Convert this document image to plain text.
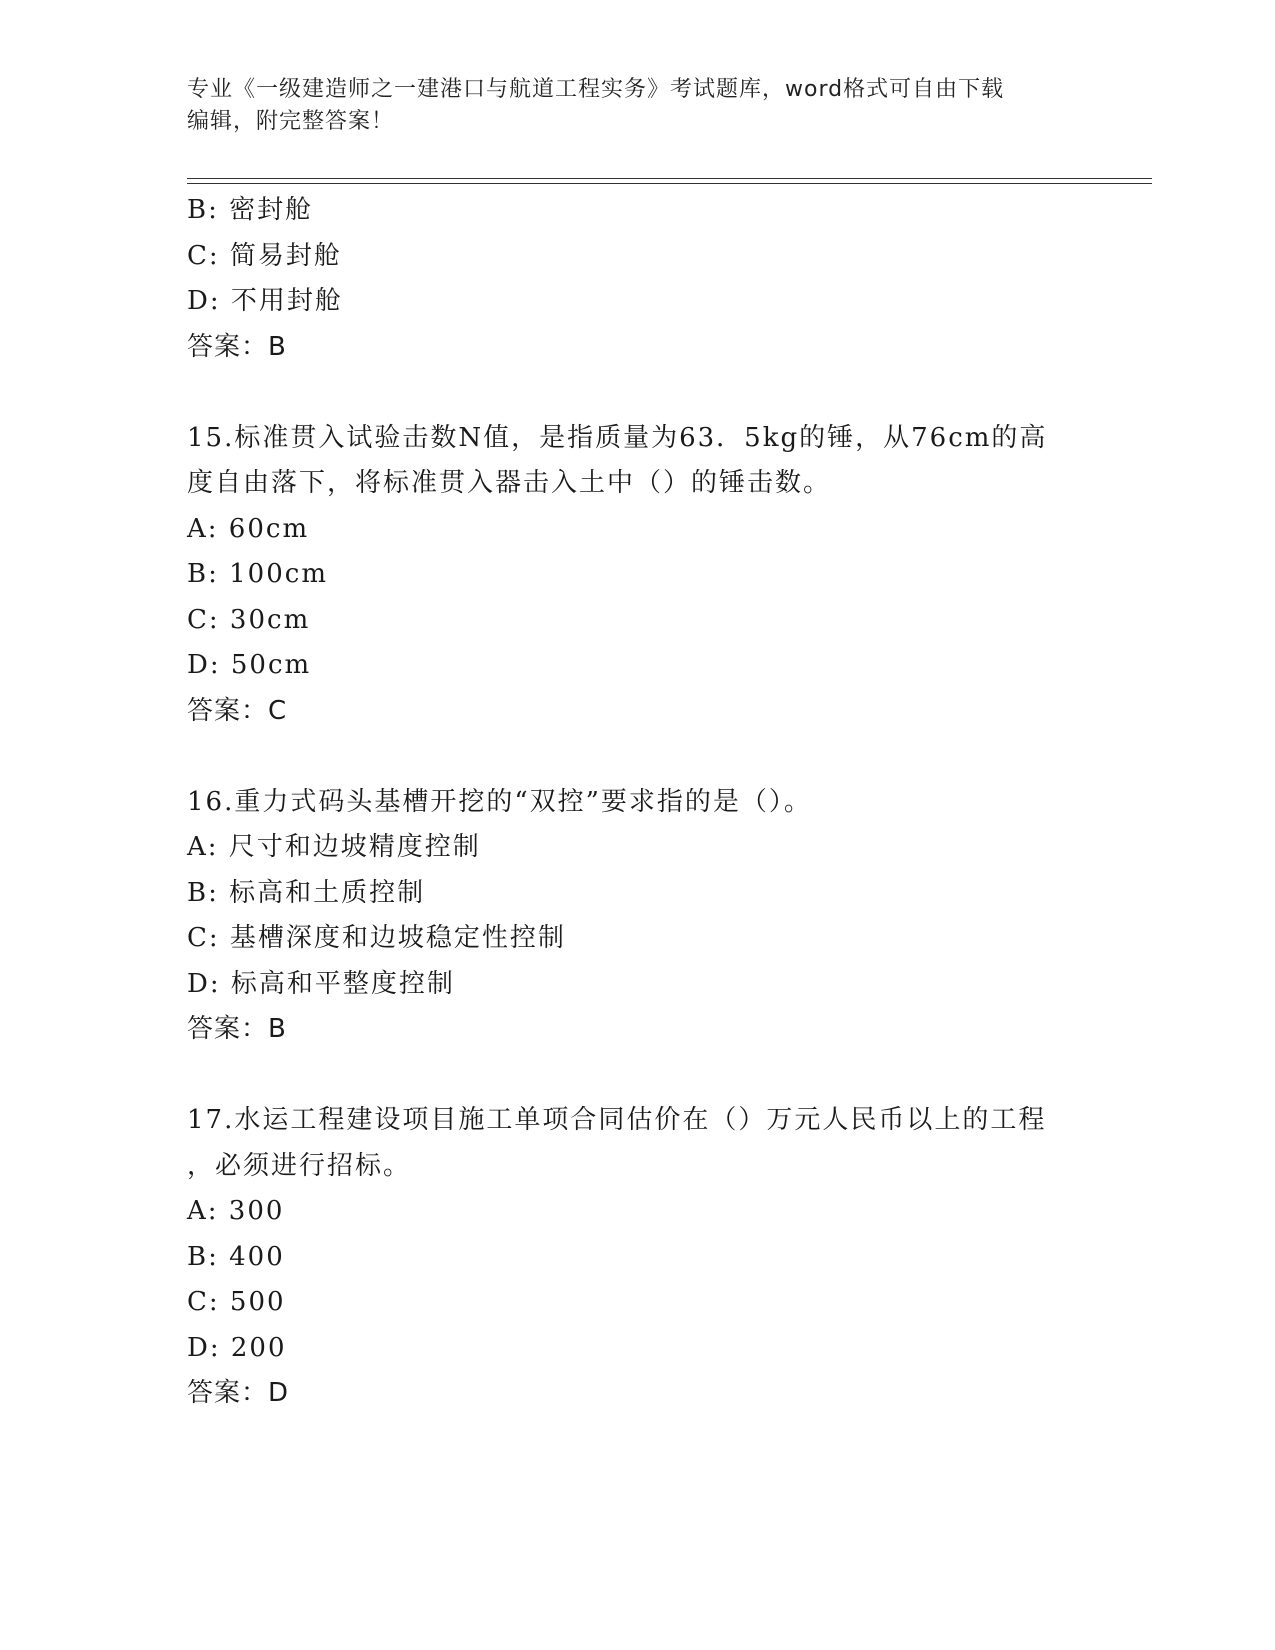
专业《一级建造师之一建港口与航道工程实务》考试题库，word格式可自由下载
编辑，附完整答案！
B: 密封舱
C: 简易封舱
D: 不用封舱
答案：B
15.标准贯入试验击数N值，是指质量为63．5kg的锤，从76cm的高
度自由落下，将标准贯入器击入土中（）的锤击数。
A: 60cm
B: 100cm
C: 30cm
D: 50cm
答案：C
16.重力式码头基槽开挖的“双控”要求指的是（）。
A: 尺寸和边坡精度控制
B: 标高和土质控制
C: 基槽深度和边坡稳定性控制
D: 标高和平整度控制
答案：B
17.水运工程建设项目施工单项合同估价在（）万元人民币以上的工程
，必须进行招标。
A: 300
B: 400
C: 500
D: 200
答案：D
